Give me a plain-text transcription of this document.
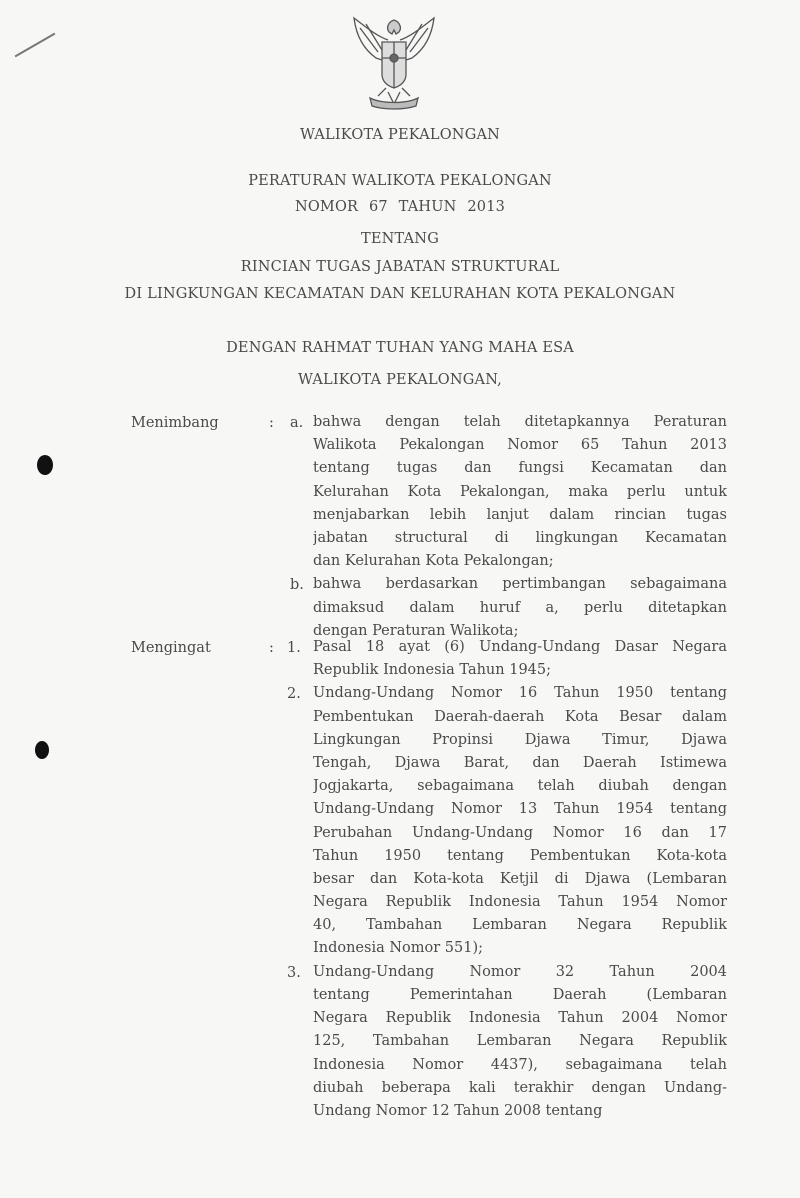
WALIKOTA PEKALONGAN
PERATURAN WALIKOTA PEKALONGAN
NOMOR 67 TAHUN 2013
TENTANG
RINCIAN TUGAS JABATAN STRUKTURAL
DI LINGKUNGAN KECAMATAN DAN KELURAHAN KOTA PEKALONGAN
DENGAN RAHMAT TUHAN YANG MAHA ESA
WALIKOTA PEKALONGAN,
Menimbang	: a. bahwa dengan telah ditetapkannya Peraturan
Walikota Pekalongan Nomor 65 Tahun 2013
tentang tugas dan fungsi Kecamatan dan
Kelurahan Kota Pekalongan, maka perlu untuk
menjabarkan lebih lanjut dalam rincian tugas
jabatan structural di lingkungan Kecamatan
dan Kelurahan Kota Pekalongan;
b. bahwa berdasarkan pertimbangan sebagaimana
dimaksud dalam huruf a, perlu ditetapkan
dengan Peraturan Walikota;
Mengingat	: 1. Pasal 18 ayat (6) Undang-Undang Dasar Negara
Republik Indonesia Tahun 1945;
2. Undang-Undang Nomor 16 Tahun 1950 tentang
Pembentukan Daerah-daerah Kota Besar dalam
Lingkungan Propinsi Djawa Timur, Djawa
Tengah, Djawa Barat, dan Daerah Istimewa
Jogjakarta, sebagaimana telah diubah dengan
Undang-Undang Nomor 13 Tahun 1954 tentang
Perubahan Undang-Undang Nomor 16 dan 17
Tahun 1950 tentang Pembentukan Kota-kota
besar dan Kota-kota Ketjil di Djawa (Lembaran
Negara Republik Indonesia Tahun 1954 Nomor
40, Tambahan Lembaran Negara Republik
Indonesia Nomor 551);
3. Undang-Undang Nomor 32 Tahun 2004
tentang Pemerintahan Daerah (Lembaran
Negara Republik Indonesia Tahun 2004 Nomor
125, Tambahan Lembaran Negara Republik
Indonesia Nomor 4437), sebagaimana telah
diubah beberapa kali terakhir dengan Undang-
Undang Nomor 12 Tahun 2008 tentang
